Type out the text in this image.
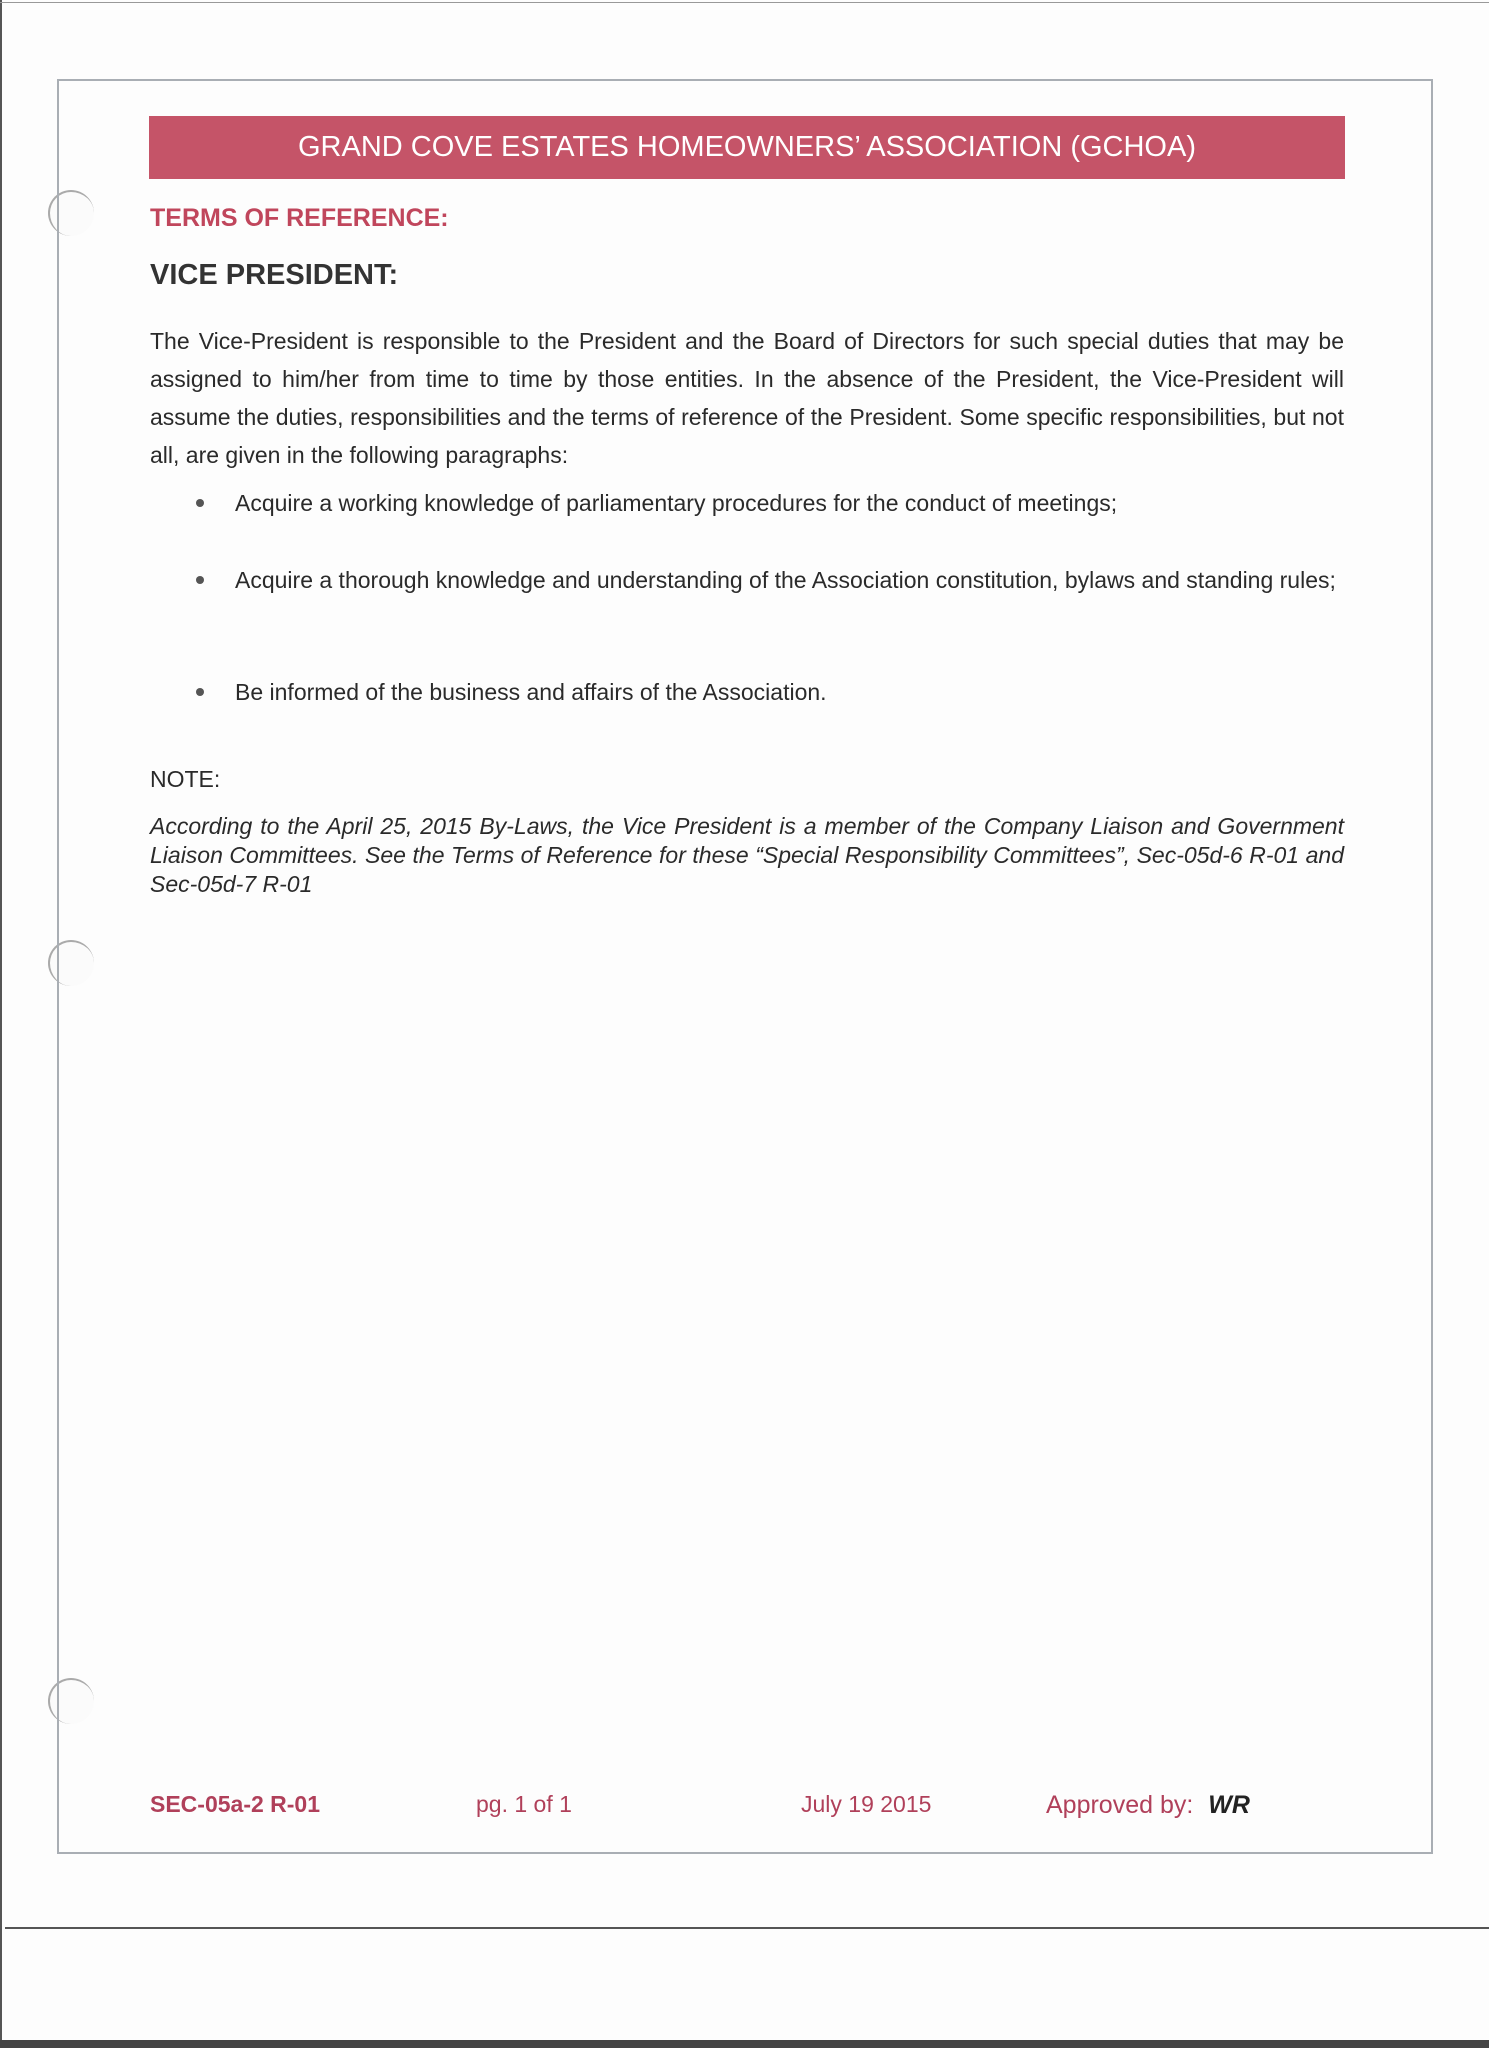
GRAND COVE ESTATES HOMEOWNERS’ ASSOCIATION (GCHOA)
TERMS OF REFERENCE:
VICE PRESIDENT:
The Vice-President is responsible to the President and the Board of Directors for such special duties that may be assigned to him/her from time to time by those entities. In the absence of the President, the Vice-President will assume the duties, responsibilities and the terms of reference of the President. Some specific responsibilities, but not all, are given in the following paragraphs:
Acquire a working knowledge of parliamentary procedures for the conduct of meetings;
Acquire a thorough knowledge and understanding of the Association constitution, bylaws and standing rules;
Be informed of the business and affairs of the Association.
NOTE:
According to the April 25, 2015 By-Laws, the Vice President is a member of the Company Liaison and Government Liaison Committees. See the Terms of Reference for these “Special Responsibility Committees”, Sec-05d-6 R-01 and Sec-05d-7 R-01
SEC-05a-2 R-01	pg. 1 of 1	July 19 2015	Approved by: WR
